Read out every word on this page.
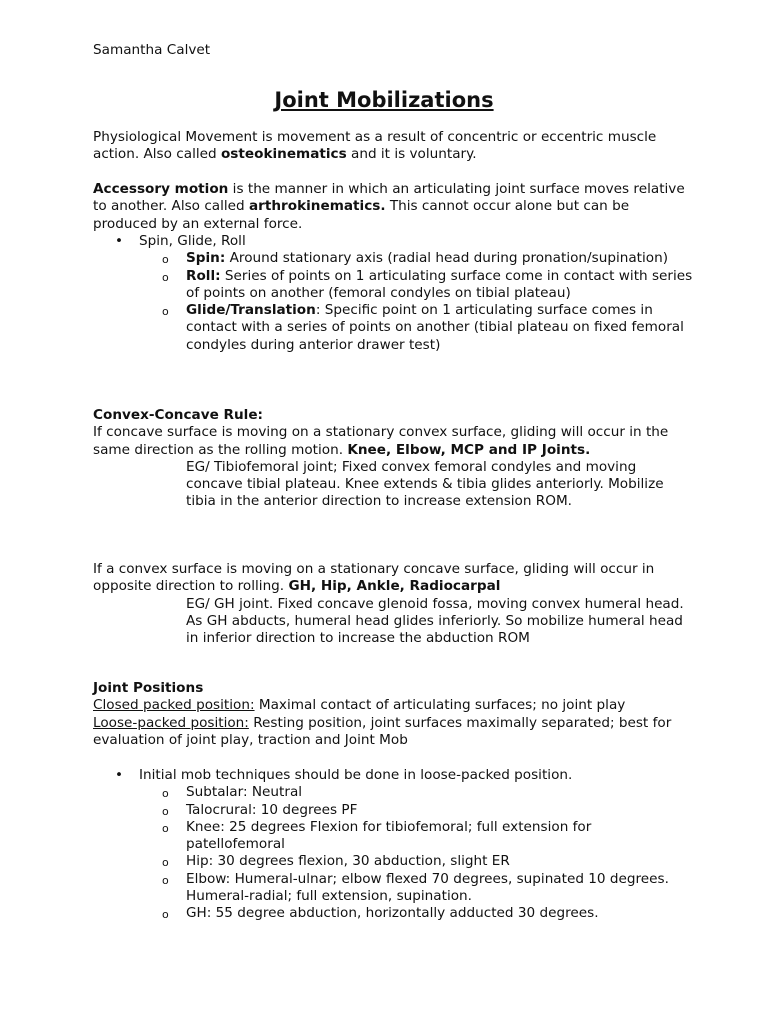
Samantha Calvet
Joint Mobilizations
Physiological Movement is movement as a result of concentric or eccentric muscle action. Also called osteokinematics and it is voluntary.
Accessory motion is the manner in which an articulating joint surface moves relative to another. Also called arthrokinematics. This cannot occur alone but can be produced by an external force.
• Spin, Glide, Roll
o Spin: Around stationary axis (radial head during pronation/supination)
o Roll: Series of points on 1 articulating surface come in contact with series of points on another (femoral condyles on tibial plateau)
o Glide/Translation: Specific point on 1 articulating surface comes in contact with a series of points on another (tibial plateau on fixed femoral condyles during anterior drawer test)
Convex-Concave Rule:
If concave surface is moving on a stationary convex surface, gliding will occur in the same direction as the rolling motion. Knee, Elbow, MCP and IP Joints.
EG/ Tibiofemoral joint; Fixed convex femoral condyles and moving concave tibial plateau. Knee extends & tibia glides anteriorly. Mobilize tibia in the anterior direction to increase extension ROM.
If a convex surface is moving on a stationary concave surface, gliding will occur in opposite direction to rolling. GH, Hip, Ankle, Radiocarpal
EG/ GH joint. Fixed concave glenoid fossa, moving convex humeral head. As GH abducts, humeral head glides inferiorly. So mobilize humeral head in inferior direction to increase the abduction ROM
Joint Positions
Closed packed position: Maximal contact of articulating surfaces; no joint play
Loose-packed position: Resting position, joint surfaces maximally separated; best for evaluation of joint play, traction and Joint Mob
• Initial mob techniques should be done in loose-packed position.
o Subtalar: Neutral
o Talocrural: 10 degrees PF
o Knee: 25 degrees Flexion for tibiofemoral; full extension for patellofemoral
o Hip: 30 degrees flexion, 30 abduction, slight ER
o Elbow: Humeral-ulnar; elbow flexed 70 degrees, supinated 10 degrees. Humeral-radial; full extension, supination.
o GH: 55 degree abduction, horizontally adducted 30 degrees.
